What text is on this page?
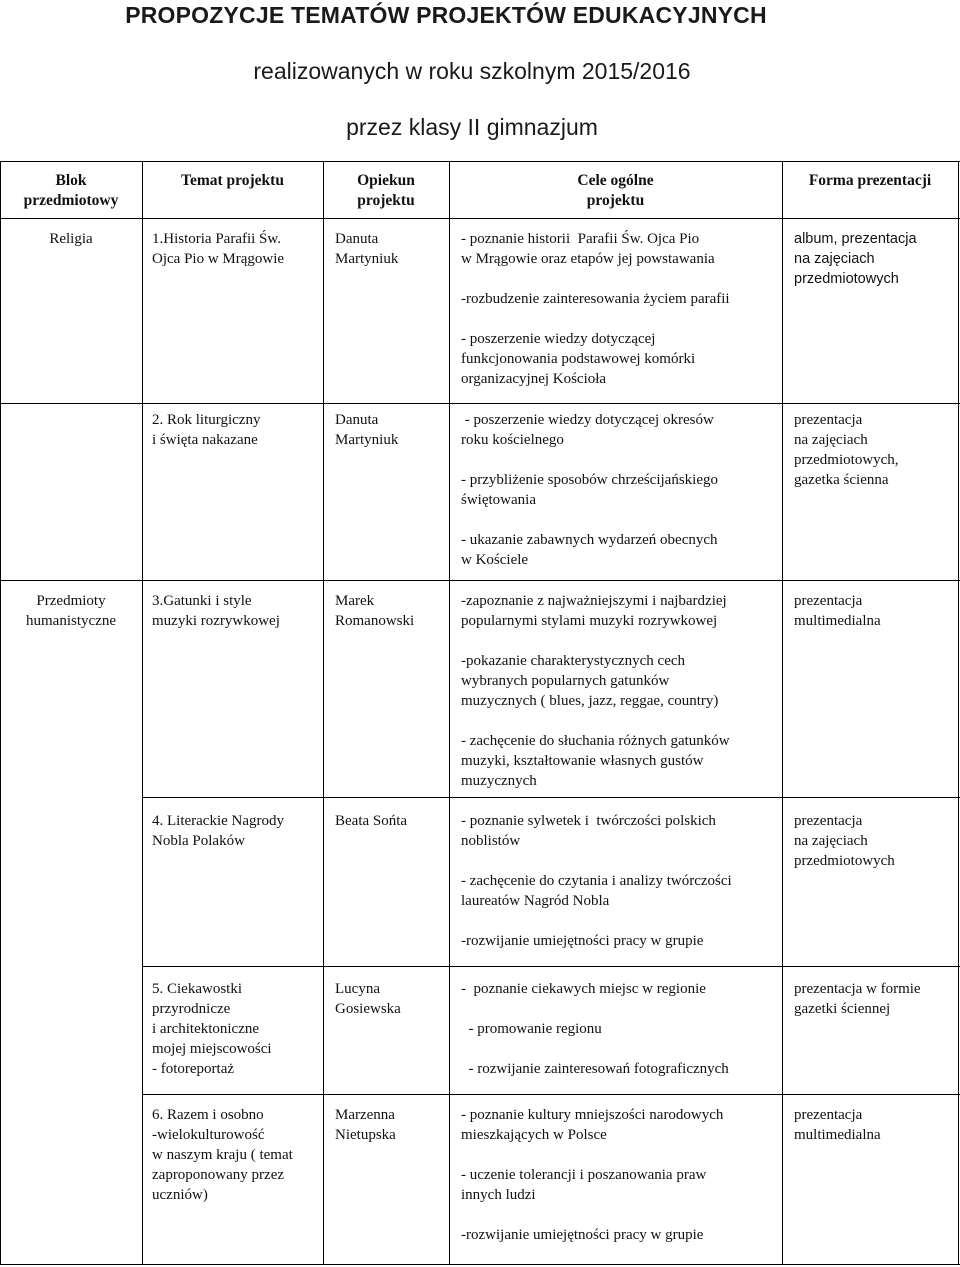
PROPOZYCJE TEMATÓW PROJEKTÓW EDUKACYJNYCH
realizowanych w roku szkolnym 2015/2016
przez klasy II gimnazjum
Blok
przedmiotowy
Temat projektu	Opiekun
projektu
Cele ogólne
projektu
Forma prezentacji
Religia
Przedmioty
humanistyczne
1.Historia Parafii Św.
Ojca Pio w Mrągowie
Danuta
Martyniuk
- poznanie historii  Parafii Św. Ojca Pio
w Mrągowie oraz etapów jej powstawania
-rozbudzenie zainteresowania życiem parafii
- poszerzenie wiedzy dotyczącej
funkcjonowania podstawowej komórki
organizacyjnej Kościoła
album, prezentacja
na zajęciach
przedmiotowych
2. Rok liturgiczny
i święta nakazane
Danuta
Martyniuk
- poszerzenie wiedzy dotyczącej okresów
roku kościelnego
- przybliżenie sposobów chrześcijańskiego
świętowania
- ukazanie zabawnych wydarzeń obecnych
w Kościele
prezentacja
na zajęciach
przedmiotowych,
gazetka ścienna
3.Gatunki i style
muzyki rozrywkowej
Marek
Romanowski
-zapoznanie z najważniejszymi i najbardziej
popularnymi stylami muzyki rozrywkowej
-pokazanie charakterystycznych cech
wybranych popularnych gatunków
muzycznych ( blues, jazz, reggae, country)
- zachęcenie do słuchania różnych gatunków
muzyki, kształtowanie własnych gustów
muzycznych
prezentacja
multimedialna
4. Literackie Nagrody
Nobla Polaków
Beata Sońta	- poznanie sylwetek i  twórczości polskich
noblistów
- zachęcenie do czytania i analizy twórczości
laureatów Nagród Nobla
-rozwijanie umiejętności pracy w grupie
prezentacja
na zajęciach
przedmiotowych
5. Ciekawostki
przyrodnicze
i architektoniczne
mojej miejscowości
- fotoreportaż
Lucyna
Gosiewska
-  poznanie ciekawych miejsc w regionie
- promowanie regionu
- rozwijanie zainteresowań fotograficznych
prezentacja w formie
gazetki ściennej
6. Razem i osobno
-wielokulturowość
w naszym kraju ( temat
zaproponowany przez
uczniów)
Marzenna
Nietupska
- poznanie kultury mniejszości narodowych
mieszkających w Polsce
- uczenie tolerancji i poszanowania praw
innych ludzi
-rozwijanie umiejętności pracy w grupie
prezentacja
multimedialna
